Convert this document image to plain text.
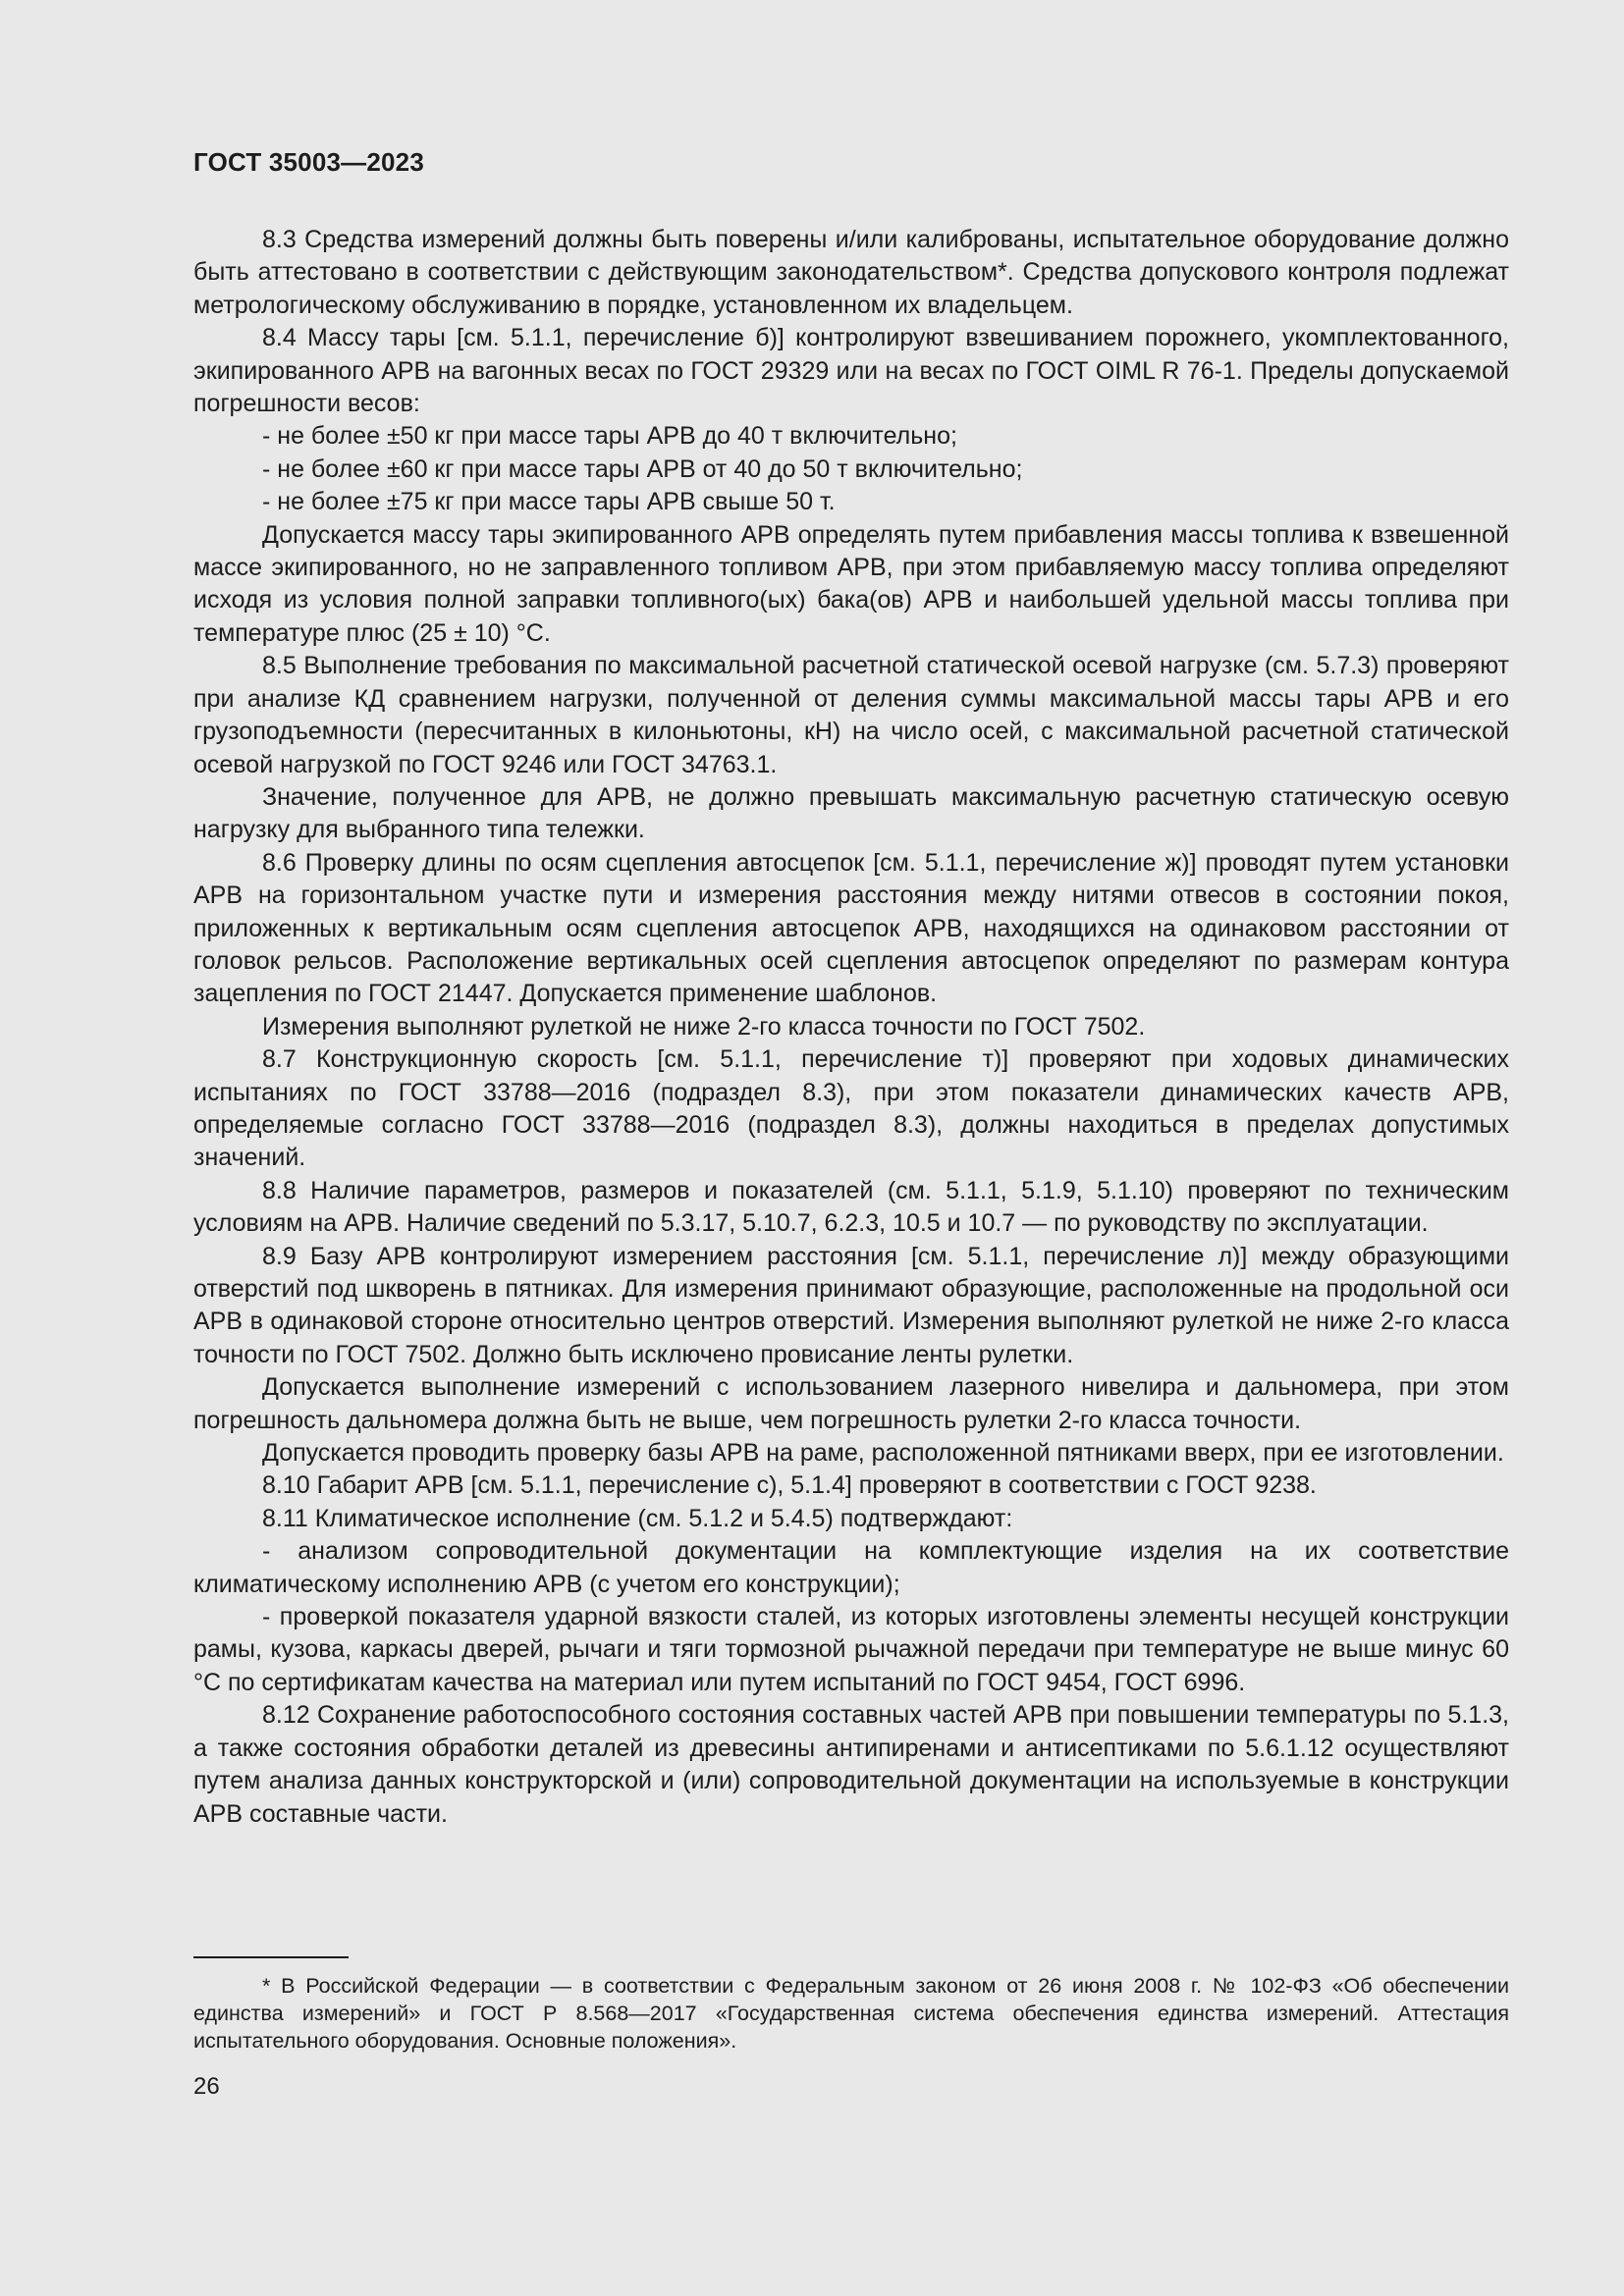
ГОСТ 35003—2023

8.3 Средства измерений должны быть поверены и/или калиброваны, испытательное оборудование должно быть аттестовано в соответствии с действующим законодательством*. Средства допускового контроля подлежат метрологическому обслуживанию в порядке, установленном их владельцем.

8.4 Массу тары [см. 5.1.1, перечисление б)] контролируют взвешиванием порожнего, укомплектованного, экипированного АРВ на вагонных весах по ГОСТ 29329 или на весах по ГОСТ OIML R 76-1. Пределы допускаемой погрешности весов:

- не более ±50 кг при массе тары АРВ до 40 т включительно;

- не более ±60 кг при массе тары АРВ от 40 до 50 т включительно;

- не более ±75 кг при массе тары АРВ свыше 50 т.

Допускается массу тары экипированного АРВ определять путем прибавления массы топлива к взвешенной массе экипированного, но не заправленного топливом АРВ, при этом прибавляемую массу топлива определяют исходя из условия полной заправки топливного(ых) бака(ов) АРВ и наибольшей удельной массы топлива при температуре плюс (25 ± 10) °С.

8.5 Выполнение требования по максимальной расчетной статической осевой нагрузке (см. 5.7.3) проверяют при анализе КД сравнением нагрузки, полученной от деления суммы максимальной массы тары АРВ и его грузоподъемности (пересчитанных в килоньютоны, кН) на число осей, с максимальной расчетной статической осевой нагрузкой по ГОСТ 9246 или ГОСТ 34763.1.

Значение, полученное для АРВ, не должно превышать максимальную расчетную статическую осевую нагрузку для выбранного типа тележки.

8.6 Проверку длины по осям сцепления автосцепок [см. 5.1.1, перечисление ж)] проводят путем установки АРВ на горизонтальном участке пути и измерения расстояния между нитями отвесов в состоянии покоя, приложенных к вертикальным осям сцепления автосцепок АРВ, находящихся на одинаковом расстоянии от головок рельсов. Расположение вертикальных осей сцепления автосцепок определяют по размерам контура зацепления по ГОСТ 21447. Допускается применение шаблонов.

Измерения выполняют рулеткой не ниже 2-го класса точности по ГОСТ 7502.

8.7 Конструкционную скорость [см. 5.1.1, перечисление т)] проверяют при ходовых динамических испытаниях по ГОСТ 33788—2016 (подраздел 8.3), при этом показатели динамических качеств АРВ, определяемые согласно ГОСТ 33788—2016 (подраздел 8.3), должны находиться в пределах допустимых значений.

8.8 Наличие параметров, размеров и показателей (см. 5.1.1, 5.1.9, 5.1.10) проверяют по техническим условиям на АРВ. Наличие сведений по 5.3.17, 5.10.7, 6.2.3, 10.5 и 10.7 — по руководству по эксплуатации.

8.9 Базу АРВ контролируют измерением расстояния [см. 5.1.1, перечисление л)] между образующими отверстий под шкворень в пятниках. Для измерения принимают образующие, расположенные на продольной оси АРВ в одинаковой стороне относительно центров отверстий. Измерения выполняют рулеткой не ниже 2-го класса точности по ГОСТ 7502. Должно быть исключено провисание ленты рулетки.

Допускается выполнение измерений с использованием лазерного нивелира и дальномера, при этом погрешность дальномера должна быть не выше, чем погрешность рулетки 2-го класса точности.

Допускается проводить проверку базы АРВ на раме, расположенной пятниками вверх, при ее изготовлении.

8.10 Габарит АРВ [см. 5.1.1, перечисление с), 5.1.4] проверяют в соответствии с ГОСТ 9238.

8.11 Климатическое исполнение (см. 5.1.2 и 5.4.5) подтверждают:

- анализом сопроводительной документации на комплектующие изделия на их соответствие климатическому исполнению АРВ (с учетом его конструкции);

- проверкой показателя ударной вязкости сталей, из которых изготовлены элементы несущей конструкции рамы, кузова, каркасы дверей, рычаги и тяги тормозной рычажной передачи при температуре не выше минус 60 °С по сертификатам качества на материал или путем испытаний по ГОСТ 9454, ГОСТ 6996.

8.12 Сохранение работоспособного состояния составных частей АРВ при повышении температуры по 5.1.3, а также состояния обработки деталей из древесины антипиренами и антисептиками по 5.6.1.12 осуществляют путем анализа данных конструкторской и (или) сопроводительной документации на используемые в конструкции АРВ составные части.

* В Российской Федерации — в соответствии с Федеральным законом от 26 июня 2008 г. № 102-ФЗ «Об обеспечении единства измерений» и ГОСТ Р 8.568—2017 «Государственная система обеспечения единства измерений. Аттестация испытательного оборудования. Основные положения».
26
